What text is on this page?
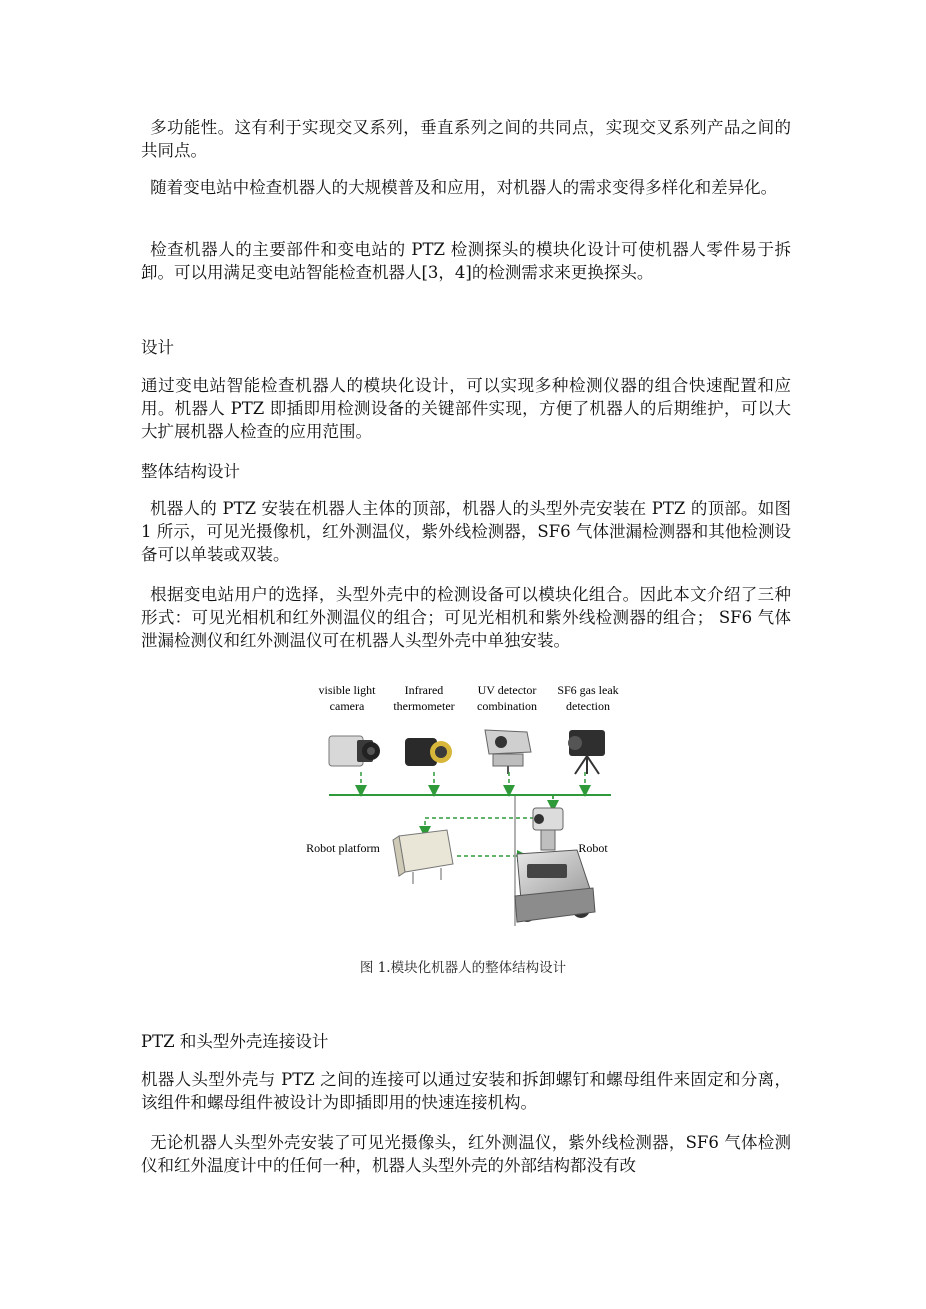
多功能性。这有利于实现交叉系列，垂直系列之间的共同点，实现交叉系列产品之间的共同点。

随着变电站中检查机器人的大规模普及和应用，对机器人的需求变得多样化和差异化。

检查机器人的主要部件和变电站的 PTZ 检测探头的模块化设计可使机器人零件易于拆卸。可以用满足变电站智能检查机器人[3，4]的检测需求来更换探头。

设计

通过变电站智能检查机器人的模块化设计，可以实现多种检测仪器的组合快速配置和应用。机器人 PTZ 即插即用检测设备的关键部件实现，方便了机器人的后期维护，可以大大扩展机器人检查的应用范围。

整体结构设计

机器人的 PTZ 安装在机器人主体的顶部，机器人的头型外壳安装在 PTZ 的顶部。如图 1 所示，可见光摄像机，红外测温仪，紫外线检测器，SF6 气体泄漏检测器和其他检测设备可以单装或双装。

根据变电站用户的选择，头型外壳中的检测设备可以模块化组合。因此本文介绍了三种形式：可见光相机和红外测温仪的组合；可见光相机和紫外线检测器的组合； SF6 气体泄漏检测仪和红外测温仪可在机器人头型外壳中单独安装。

visible light
camera
Infrared
thermometer
UV detector
combination
SF6 gas leak
detection
Robot platform	Robot
图 1.模块化机器人的整体结构设计

PTZ 和头型外壳连接设计

机器人头型外壳与 PTZ 之间的连接可以通过安装和拆卸螺钉和螺母组件来固定和分离，该组件和螺母组件被设计为即插即用的快速连接机构。

无论机器人头型外壳安装了可见光摄像头，红外测温仪，紫外线检测器，SF6 气体检测仪和红外温度计中的任何一种，机器人头型外壳的外部结构都没有改
